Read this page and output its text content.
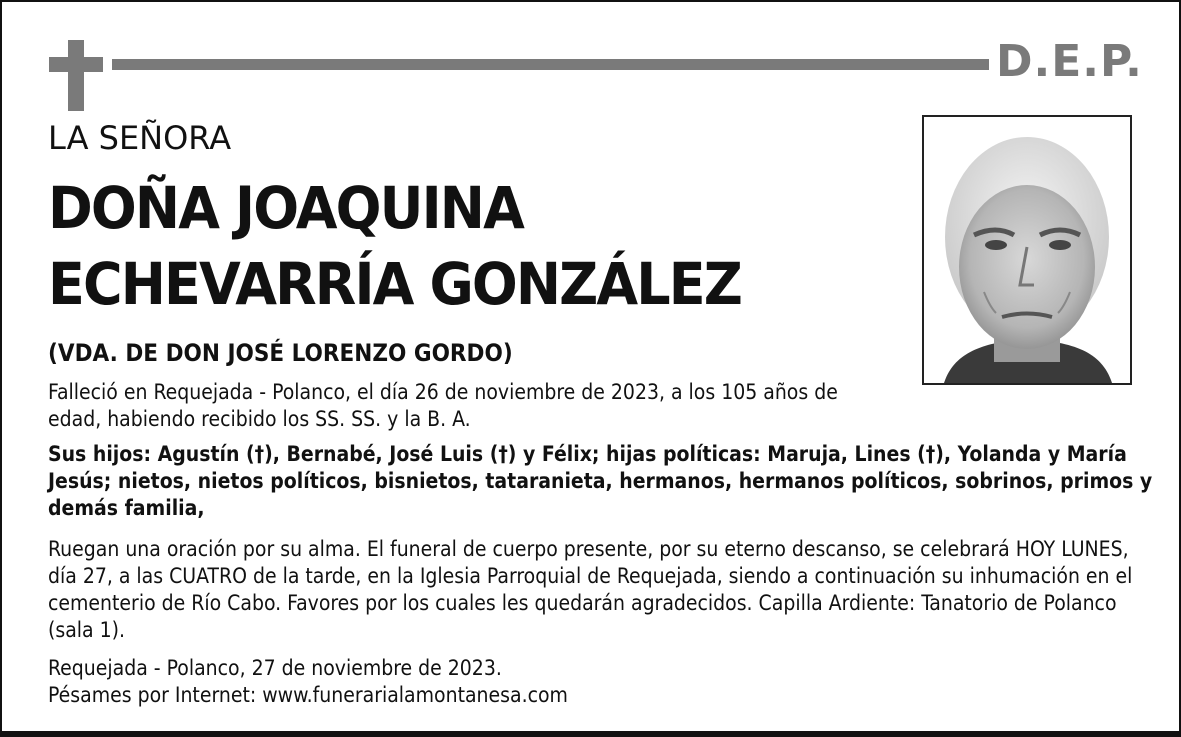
D.E.P.
LA SEÑORA
DOÑA JOAQUINA
ECHEVARRÍA GONZÁLEZ
(VDA. DE DON JOSÉ LORENZO GORDO)
Falleció en Requejada - Polanco, el día 26 de noviembre de 2023, a los 105 años de edad, habiendo recibido los SS. SS. y la B. A.
Sus hijos: Agustín (†), Bernabé, José Luis (†) y Félix; hijas políticas: Maruja, Lines (†), Yolanda y María Jesús; nietos, nietos políticos, bisnietos, tataranieta, hermanos, hermanos políticos, sobrinos, primos y demás familia,
Ruegan una oración por su alma. El funeral de cuerpo presente, por su eterno descanso, se celebrará HOY LUNES, día 27, a las CUATRO de la tarde, en la Iglesia Parroquial de Requejada, siendo a continuación su inhumación en el cementerio de Río Cabo. Favores por los cuales les quedarán agradecidos. Capilla Ardiente: Tanatorio de Polanco (sala 1).
Requejada - Polanco, 27 de noviembre de 2023.
Pésames por Internet: www.funerarialamontanesa.com
